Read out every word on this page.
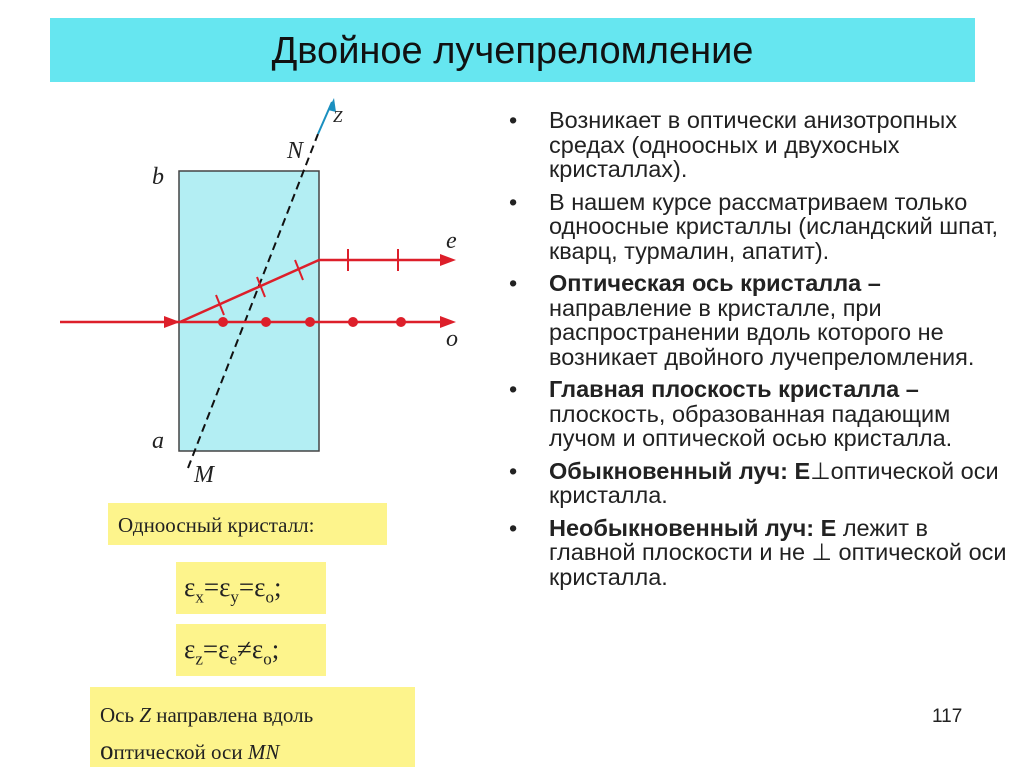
Двойное лучепреломление
b
a
N
M
Z
e
o
Одноосный кристалл:
$\varepsilon_x=\varepsilon_y=\varepsilon_o$;
$\varepsilon_z=\varepsilon_e\ne\varepsilon_o$;
Ось Z направлена вдоль
оптической оси MN
• Возникает в оптически анизотропных средах (одноосных и двухосных кристаллах).
• В нашем курсе рассматриваем только одноосные кристаллы (исландский шпат, кварц, турмалин, апатит).
• Оптическая ось кристалла – направление в кристалле, при распространении вдоль которого не возникает двойного лучепреломления.
• Главная плоскость кристалла – плоскость, образованная падающим лучом и оптической осью кристалла.
• Обыкновенный луч: E⊥оптической оси кристалла.
• Необыкновенный луч: E лежит в главной плоскости и не ⊥ оптической оси кристалла.
117
